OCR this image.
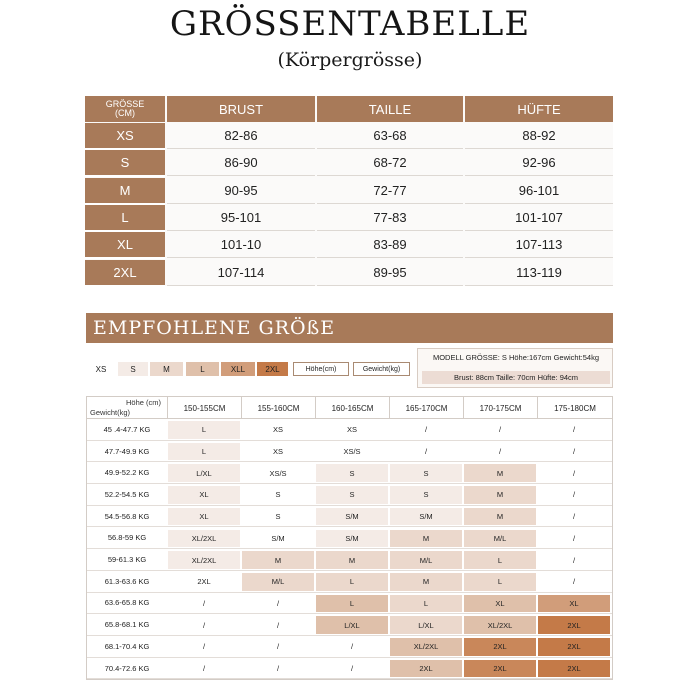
GRÖSSENTABELLE
(Körpergrösse)
GRÖSSE
(CM)	BRUST	TAILLE	HÜFTE
XS	82-86	63-68	88-92
S	86-90	68-72	92-96
M	90-95	72-77	96-101
L	95-101	77-83	101-107
XL	101-10	83-89	107-113
2XL	107-114	89-95	113-119
EMPFOHLENE GRÖßE
XS	S	M	L	XLL	2XL	Höhe(cm)	Gewicht(kg)
MODELL GRÖSSE: S Höhe:167cm Gewicht:54kg
Brust: 88cm Taille: 70cm Hüfte: 94cm
Höhe (cm)
Gewicht(kg)	150-155CM	155-160CM	160-165CM	165-170CM	170-175CM	175-180CM
45 .4-47.7 KG	L	XS	XS	/	/	/
47.7-49.9 KG	L	XS	XS/S	/	/	/
49.9-52.2 KG	L/XL	XS/S	S	S	M	/
52.2-54.5 KG	XL	S	S	S	M	/
54.5-56.8 KG	XL	S	S/M	S/M	M	/
56.8-59 KG	XL/2XL	S/M	S/M	M	M/L	/
59-61.3 KG	XL/2XL	M	M	M/L	L	/
61.3-63.6 KG	2XL	M/L	L	M	L	/
63.6-65.8 KG	/	/	L	L	XL	XL
65.8-68.1 KG	/	/	L/XL	L/XL	XL/2XL	2XL
68.1-70.4 KG	/	/	/	XL/2XL	2XL	2XL
70.4-72.6 KG	/	/	/	2XL	2XL	2XL
